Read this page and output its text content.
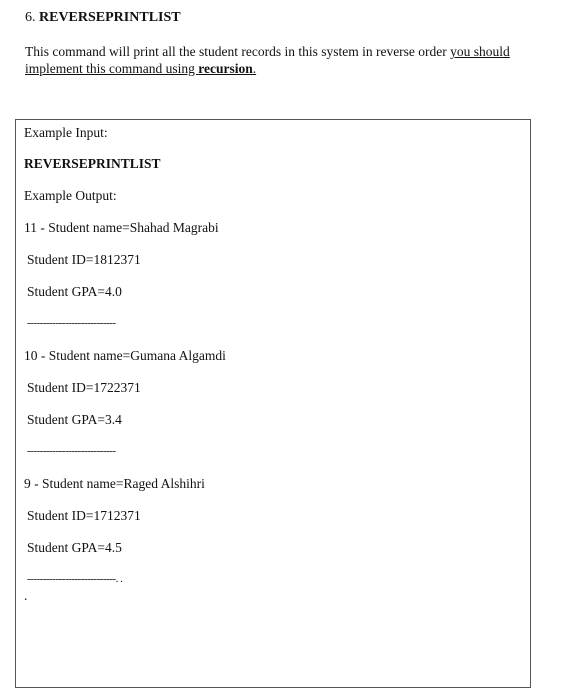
6. REVERSEPRINTLIST
This command will print all the student records in this system in reverse order you should
implement this command using recursion.
Example Input:
REVERSEPRINTLIST
Example Output:
11 - Student name=Shahad Magrabi
Student ID=1812371
Student GPA=4.0
----------------------------
10 - Student name=Gumana Algamdi
Student ID=1722371
Student GPA=3.4
----------------------------
9 - Student name=Raged Alshihri
Student ID=1712371
Student GPA=4.5
----------------------------. .
.
